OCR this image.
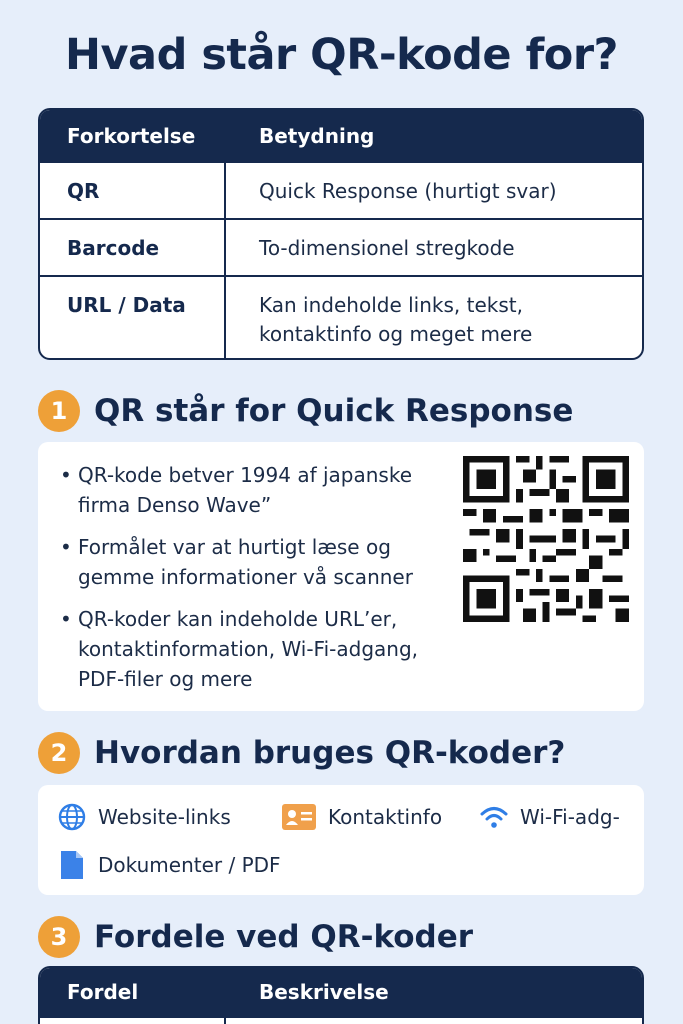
Hvad står QR-kode for?
Forkortelse	Betydning
QR	Quick Response (hurtigt svar)
Barcode	To-dimensionel stregkode
URL / Data	Kan indeholde links, tekst,
kontaktinfo og meget mere
1 QR står for Quick Response
• QR-kode betver 1994 af japanske firma Denso Wave”
• Formålet var at hurtigt læse og gemme informationer vå scanner
• QR-koder kan indeholde URL’er, kontaktinformation, Wi-Fi-adgang, PDF-filer og mere
2 Hvordan bruges QR-koder?
Website-links	Kontaktinfo	Wi-Fi-adg-
Dokumenter / PDF
3 Fordele ved QR-koder
Fordel	Beskrivelse
